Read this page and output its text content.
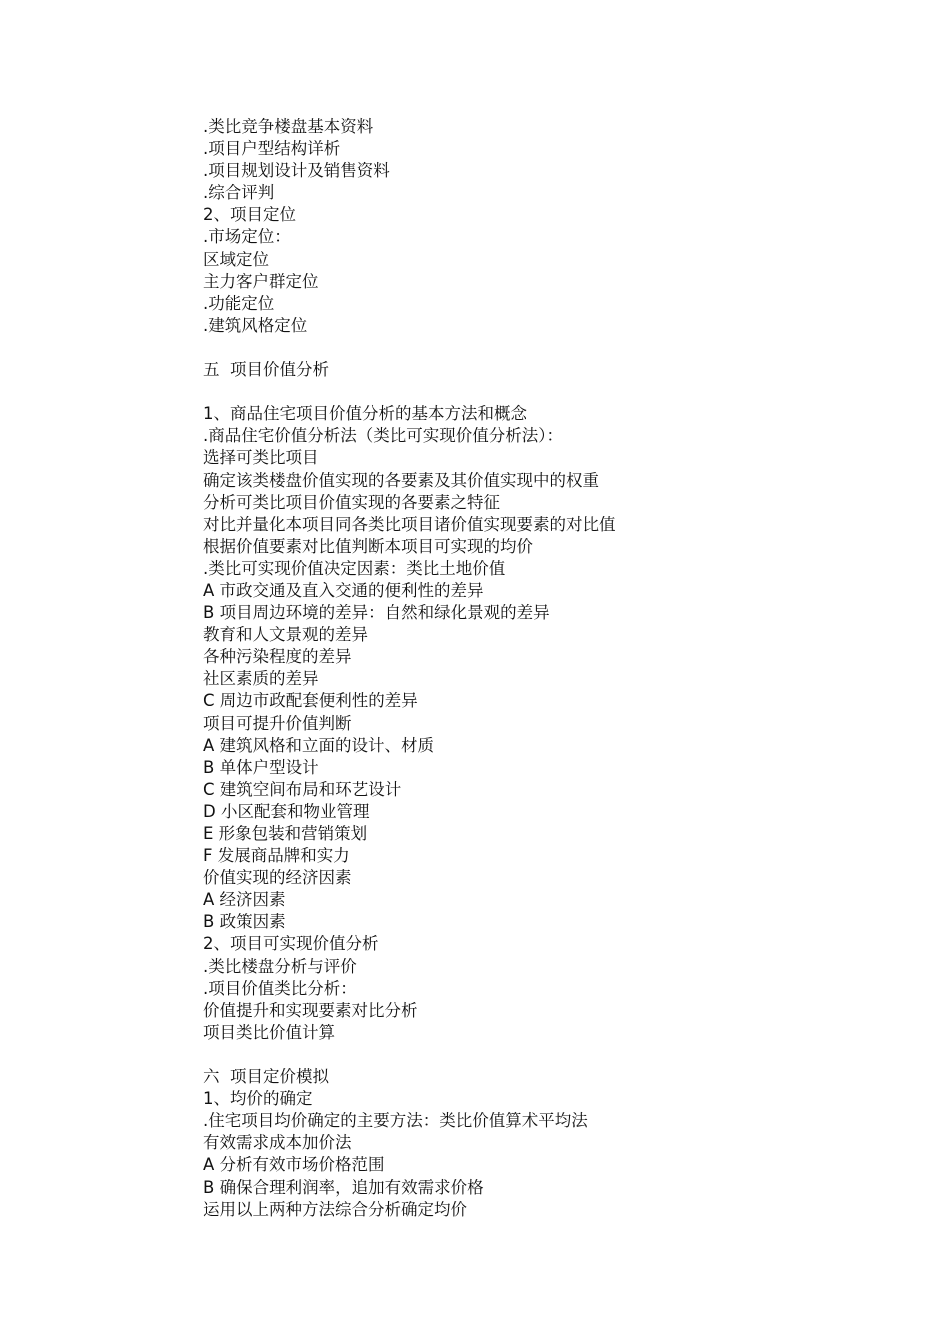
.类比竞争楼盘基本资料
.项目户型结构详析
.项目规划设计及销售资料
.综合评判
2、项目定位
.市场定位：
区域定位
主力客户群定位
.功能定位
.建筑风格定位
五  项目价值分析
1、商品住宅项目价值分析的基本方法和概念
.商品住宅价值分析法（类比可实现价值分析法）：
选择可类比项目
确定该类楼盘价值实现的各要素及其价值实现中的权重
分析可类比项目价值实现的各要素之特征
对比并量化本项目同各类比项目诸价值实现要素的对比值
根据价值要素对比值判断本项目可实现的均价
.类比可实现价值决定因素：类比土地价值
A 市政交通及直入交通的便利性的差异
B 项目周边环境的差异：自然和绿化景观的差异
教育和人文景观的差异
各种污染程度的差异
社区素质的差异
C 周边市政配套便利性的差异
项目可提升价值判断
A 建筑风格和立面的设计、材质
B 单体户型设计
C 建筑空间布局和环艺设计
D 小区配套和物业管理
E 形象包装和营销策划
F 发展商品牌和实力
价值实现的经济因素
A 经济因素
B 政策因素
2、项目可实现价值分析
.类比楼盘分析与评价
.项目价值类比分析：
价值提升和实现要素对比分析
项目类比价值计算
六  项目定价模拟
1、均价的确定
.住宅项目均价确定的主要方法：类比价值算术平均法
有效需求成本加价法
A 分析有效市场价格范围
B 确保合理利润率，追加有效需求价格
运用以上两种方法综合分析确定均价
